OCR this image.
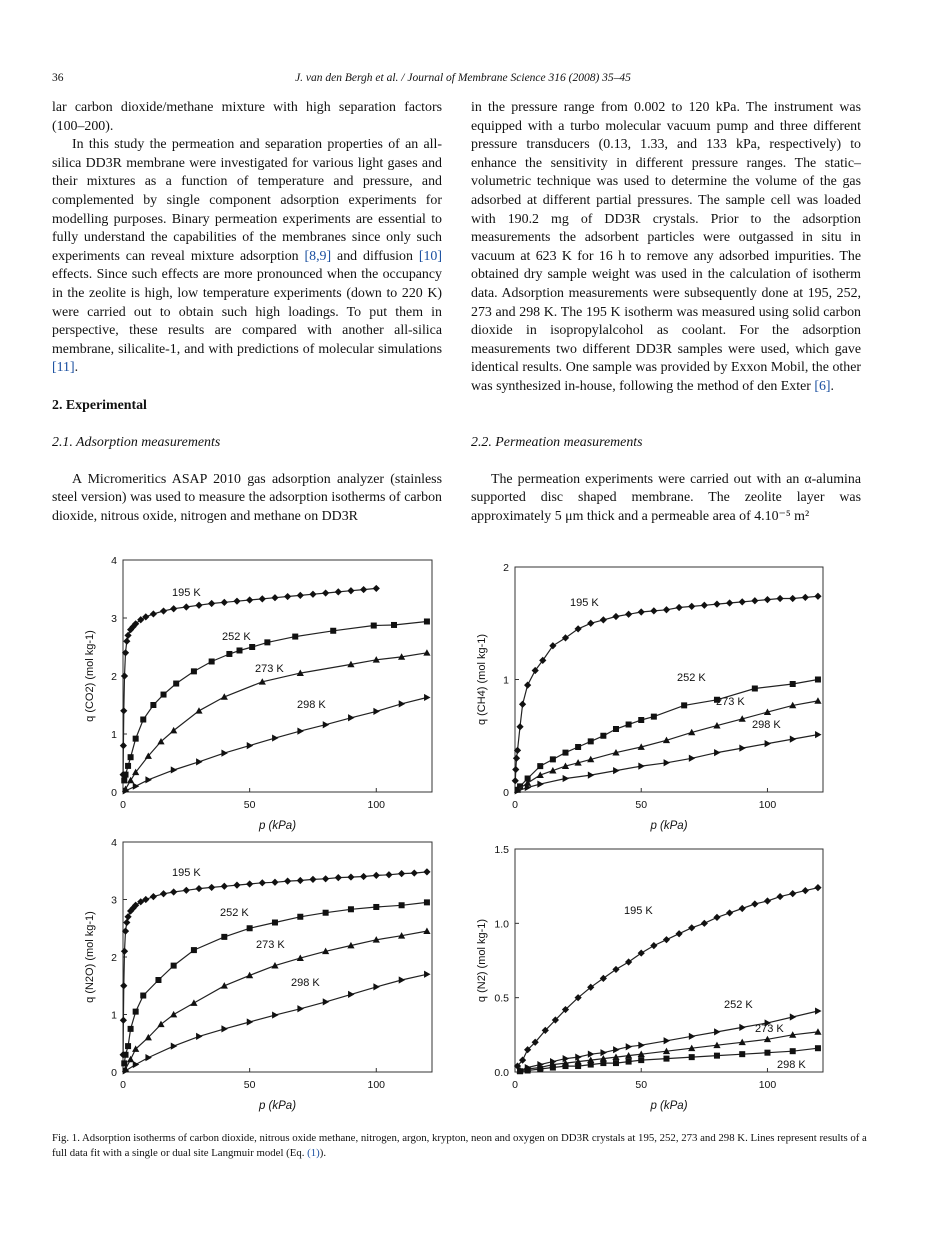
36	J. van den Bergh et al. / Journal of Membrane Science 316 (2008) 35–45

lar carbon dioxide/methane mixture with high separation factors (100–200).

In this study the permeation and separation properties of an all-silica DD3R membrane were investigated for various light gases and their mixtures as a function of temperature and pressure, and complemented by single component adsorption experiments for modelling purposes. Binary permeation experiments are essential to fully understand the capabilities of the membranes since only such experiments can reveal mixture adsorption [8,9] and diffusion [10] effects. Since such effects are more pronounced when the occupancy in the zeolite is high, low temperature experiments (down to 220 K) were carried out to obtain such high loadings. To put them in perspective, these results are compared with another all-silica membrane, silicalite-1, and with predictions of molecular simulations [11].

2. Experimental

2.1. Adsorption measurements

A Micromeritics ASAP 2010 gas adsorption analyzer (stainless steel version) was used to measure the adsorption isotherms of carbon dioxide, nitrous oxide, nitrogen and methane on DD3R

in the pressure range from 0.002 to 120 kPa. The instrument was equipped with a turbo molecular vacuum pump and three different pressure transducers (0.13, 1.33, and 133 kPa, respectively) to enhance the sensitivity in different pressure ranges. The static–volumetric technique was used to determine the volume of the gas adsorbed at different partial pressures. The sample cell was loaded with 190.2 mg of DD3R crystals. Prior to the adsorption measurements the adsorbent particles were outgassed in situ in vacuum at 623 K for 16 h to remove any adsorbed impurities. The obtained dry sample weight was used in the calculation of isotherm data. Adsorption measurements were subsequently done at 195, 252, 273 and 298 K. The 195 K isotherm was measured using solid carbon dioxide in isopropylalcohol as coolant. For the adsorption measurements two different DD3R samples were used, which gave identical results. One sample was provided by Exxon Mobil, the other was synthesized in-house, following the method of den Exter [6].

2.2. Permeation measurements

The permeation experiments were carried out with an α-alumina supported disc shaped membrane. The zeolite layer was approximately 5 μm thick and a permeable area of 4.10⁻⁵ m²

0
1
2
3
4
0	50	100
p (kPa)
q (CO2) (mol kg-1)
195 K
252 K
273 K
298 K
0
1
2
0	50	100
p (kPa)
q (CH4) (mol kg-1)
195 K
252 K
273 K
298 K
0
1
2
3
4
0	50	100
p (kPa)
q (N2O) (mol kg-1)
195 K
252 K
273 K
298 K
0.0
0.5
1.0
1.5
0	50	100
p (kPa)
q (N2) (mol kg-1)
195 K
252 K
273 K
298 K
Fig. 1. Adsorption isotherms of carbon dioxide, nitrous oxide methane, nitrogen, argon, krypton, neon and oxygen on DD3R crystals at 195, 252, 273 and 298 K. Lines represent results of a full data fit with a single or dual site Langmuir model (Eq. (1)).
